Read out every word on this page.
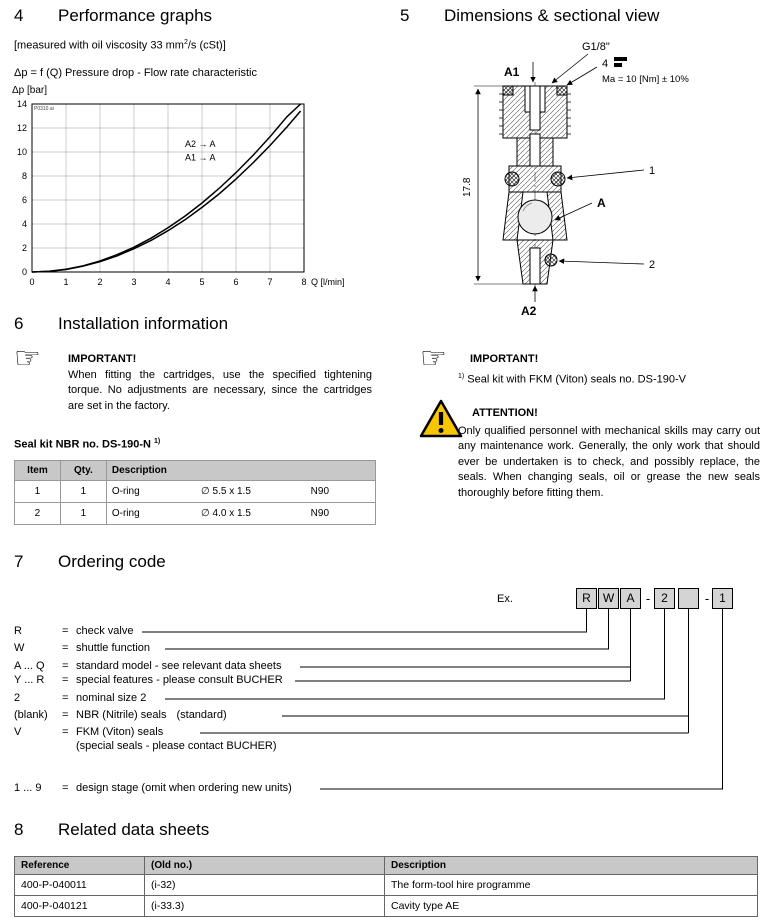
4 Performance graphs	5 Dimensions & sectional view
[measured with oil viscosity 33 $mm^2/s$ (cSt)]
Δp = f (Q) Pressure drop - Flow rate characteristic
Δp [bar]
0
2
4
6
8
10
12
14
0	1	2	3	4	5	6	7	8 Q [l/min]
A2 → A
A1 → A
P0310.ai
17.8
G1/8"
A1
4
Ma = 10 [Nm] ± 10%
1
A
2
A2
6 Installation information
☞ IMPORTANT!
When fitting the cartridges, use the specified tightening torque. No adjustments are necessary, since the cartridges are set in the factory.
Seal kit NBR no. DS-190-N $^{1)}$
Item	Qty.	Description		
1	1	O-ring	∅ 5.5 x 1.5	N90
2	1	O-ring	∅ 4.0 x 1.5	N90
☞ IMPORTANT!
$^{1)}$ Seal kit with FKM (Viton) seals no. DS-190-V
ATTENTION!
Only qualified personnel with mechanical skills may carry out any maintenance work. Generally, the only work that should ever be undertaken is to check, and possibly replace, the seals. When changing seals, oil or grease the new seals thoroughly before fitting them.
7 Ordering code
Ex.	R	W	A - 2	- 1
R	= check valve
W	= shuttle function
A ... Q = standard model - see relevant data sheets
Y ... R = special features - please consult BUCHER
2	= nominal size 2
(blank) = NBR (Nitrile) seals (standard)
V	= FKM (Viton) seals
(special seals - please contact BUCHER)
1 ... 9 = design stage (omit when ordering new units)
8 Related data sheets
Reference	(Old no.)	Description
400-P-040011	(i-32)	The form-tool hire programme
400-P-040121	(i-33.3)	Cavity type AE
